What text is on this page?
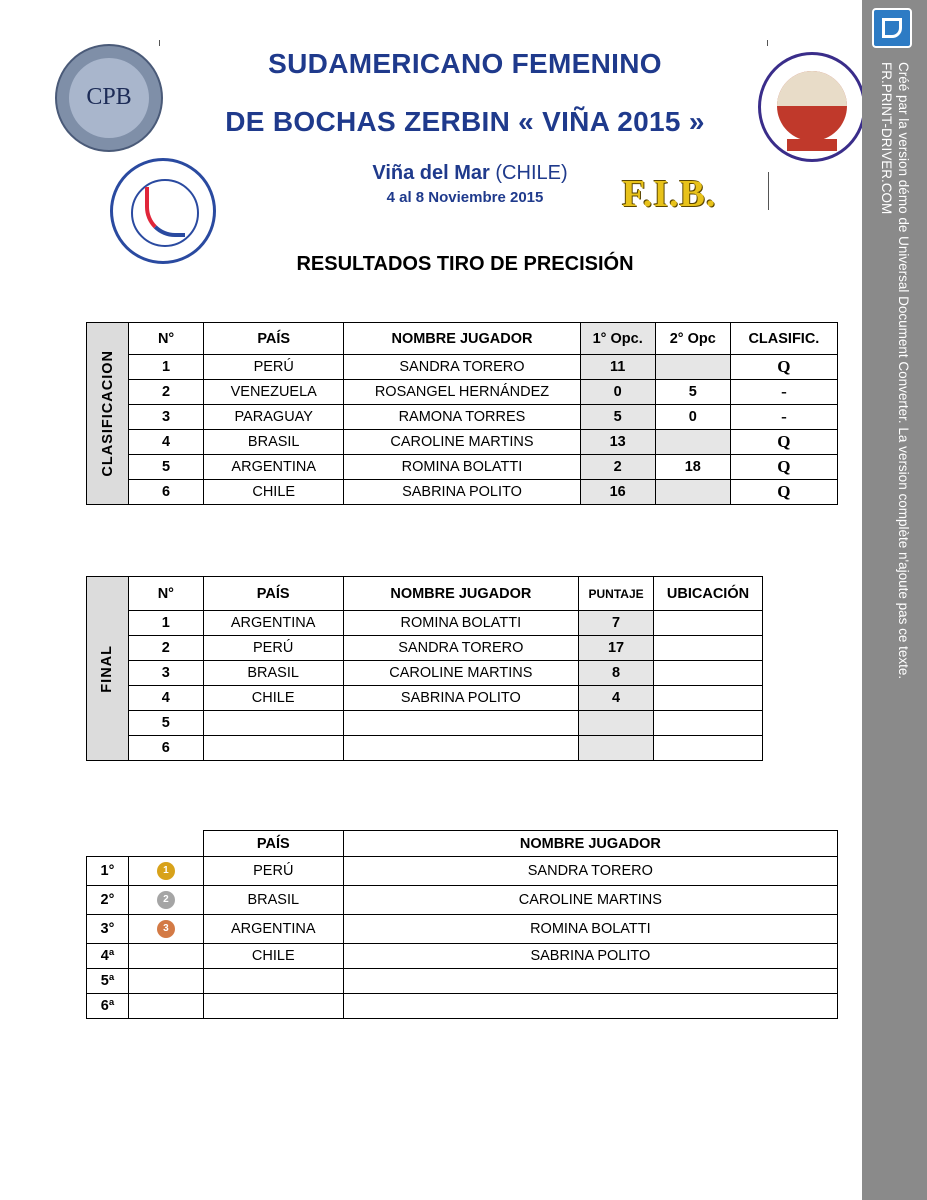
CPB
F.I.B.
SUDAMERICANO FEMENINO
DE BOCHAS ZERBIN « VIÑA 2015 »
Viña del Mar (CHILE)
4 al 8 Noviembre 2015
RESULTADOS TIRO DE PRECISIÓN
CLASIFICACION	N°	PAÍS	NOMBRE JUGADOR	1° Opc.	2° Opc	CLASIFIC.
	1	PERÚ	SANDRA TORERO	11		Q
	2	VENEZUELA	ROSANGEL HERNÁNDEZ	0	5	-
	3	PARAGUAY	RAMONA TORRES	5	0	-
	4	BRASIL	CAROLINE MARTINS	13		Q
	5	ARGENTINA	ROMINA BOLATTI	2	18	Q
	6	CHILE	SABRINA POLITO	16		Q
FINAL	N°	PAÍS	NOMBRE JUGADOR	PUNTAJE	UBICACIÓN
	1	ARGENTINA	ROMINA BOLATTI	7	
	2	PERÚ	SANDRA TORERO	17	
	3	BRASIL	CAROLINE MARTINS	8	
	4	CHILE	SABRINA POLITO	4	
	5				
	6				
		PAÍS	NOMBRE JUGADOR
1°	1	PERÚ	SANDRA TORERO
2°	2	BRASIL	CAROLINE MARTINS
3°	3	ARGENTINA	ROMINA BOLATTI
4ª		CHILE	SABRINA POLITO
5ª			
6ª			
Créé par la version démo de Universal Document Converter. La version complète n'ajoute pas ce texte.
FR.PRINT-DRIVER.COM
